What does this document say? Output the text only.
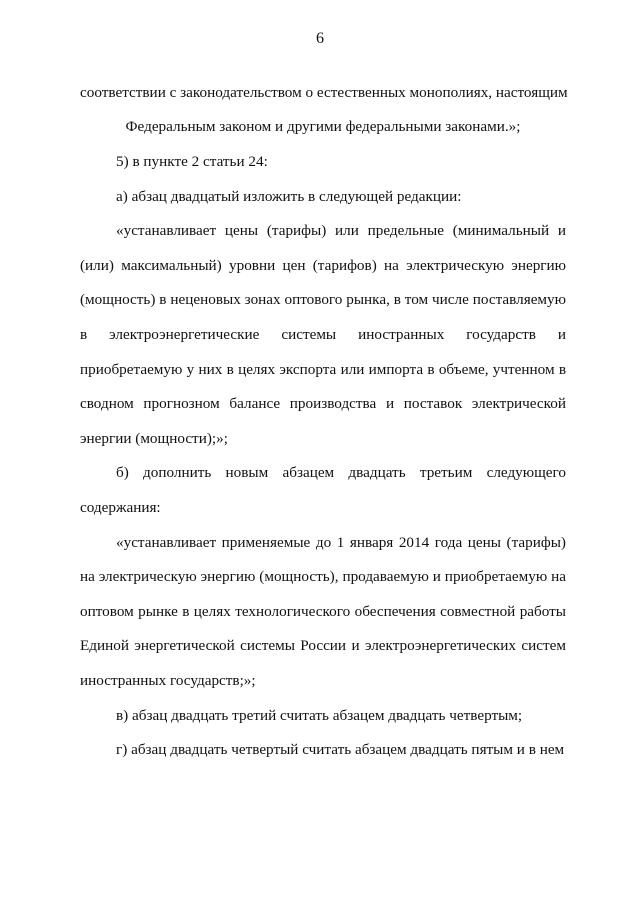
6
соответствии с законодательством о естественных монополиях, настоящим
Федеральным законом и другими федеральными законами.»;
5) в пункте 2 статьи 24:
а) абзац двадцатый изложить в следующей редакции:
«устанавливает цены (тарифы) или предельные (минимальный и
(или) максимальный) уровни цен (тарифов) на электрическую энергию
(мощность) в неценовых зонах оптового рынка, в том числе поставляемую
в электроэнергетические системы иностранных государств и
приобретаемую у них в целях экспорта или импорта в объеме, учтенном в
сводном прогнозном балансе производства и поставок электрической
энергии (мощности);»;
б) дополнить новым абзацем двадцать третьим следующего
содержания:
«устанавливает применяемые до 1 января 2014 года цены (тарифы)
на электрическую энергию (мощность), продаваемую и приобретаемую на
оптовом рынке в целях технологического обеспечения совместной работы
Единой энергетической системы России и электроэнергетических систем
иностранных государств;»;
в) абзац двадцать третий считать абзацем двадцать четвертым;
г) абзац двадцать четвертый считать абзацем двадцать пятым и в нем
